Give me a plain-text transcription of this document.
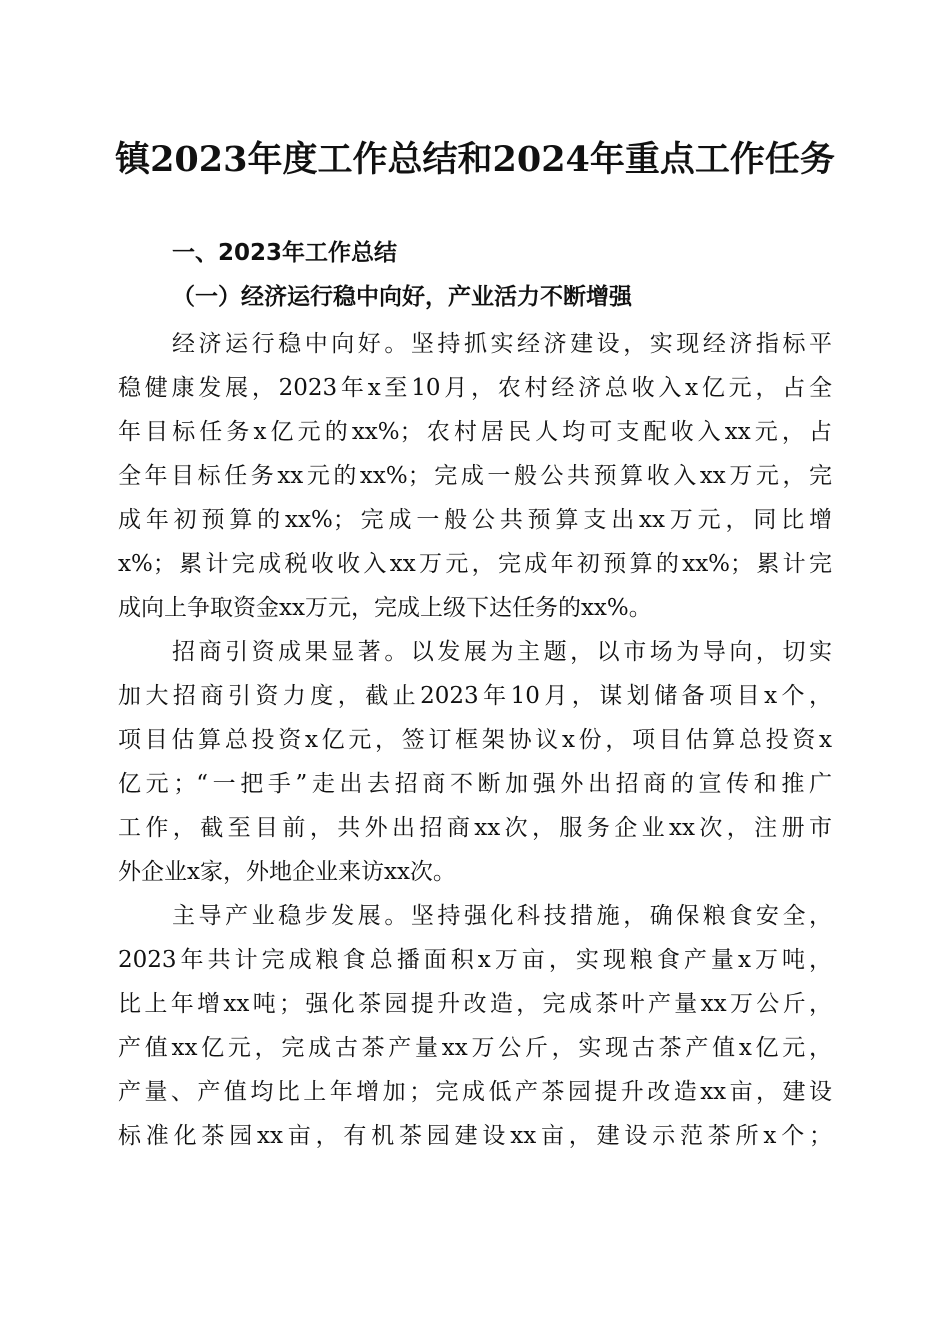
镇2023年度工作总结和2024年重点工作任务
一、2023年工作总结
（一）经济运行稳中向好，产业活力不断增强
经济运行稳中向好。坚持抓实经济建设，实现经济指标平
稳健康发展，2023年x至10月，农村经济总收入x亿元，占全
年目标任务x亿元的xx%；农村居民人均可支配收入xx元，占
全年目标任务xx元的xx%；完成一般公共预算收入xx万元，完
成年初预算的xx%；完成一般公共预算支出xx万元，同比增
x%；累计完成税收收入xx万元，完成年初预算的xx%；累计完
成向上争取资金xx万元，完成上级下达任务的xx%。
招商引资成果显著。以发展为主题，以市场为导向，切实
加大招商引资力度，截止2023年10月，谋划储备项目x个，
项目估算总投资x亿元，签订框架协议x份，项目估算总投资x
亿元；“一把手”走出去招商不断加强外出招商的宣传和推广
工作，截至目前，共外出招商xx次，服务企业xx次，注册市
外企业x家，外地企业来访xx次。
主导产业稳步发展。坚持强化科技措施，确保粮食安全，
2023年共计完成粮食总播面积x万亩，实现粮食产量x万吨，
比上年增xx吨；强化茶园提升改造，完成茶叶产量xx万公斤，
产值xx亿元，完成古茶产量xx万公斤，实现古茶产值x亿元，
产量、产值均比上年增加；完成低产茶园提升改造xx亩，建设
标准化茶园xx亩，有机茶园建设xx亩，建设示范茶所x个；
